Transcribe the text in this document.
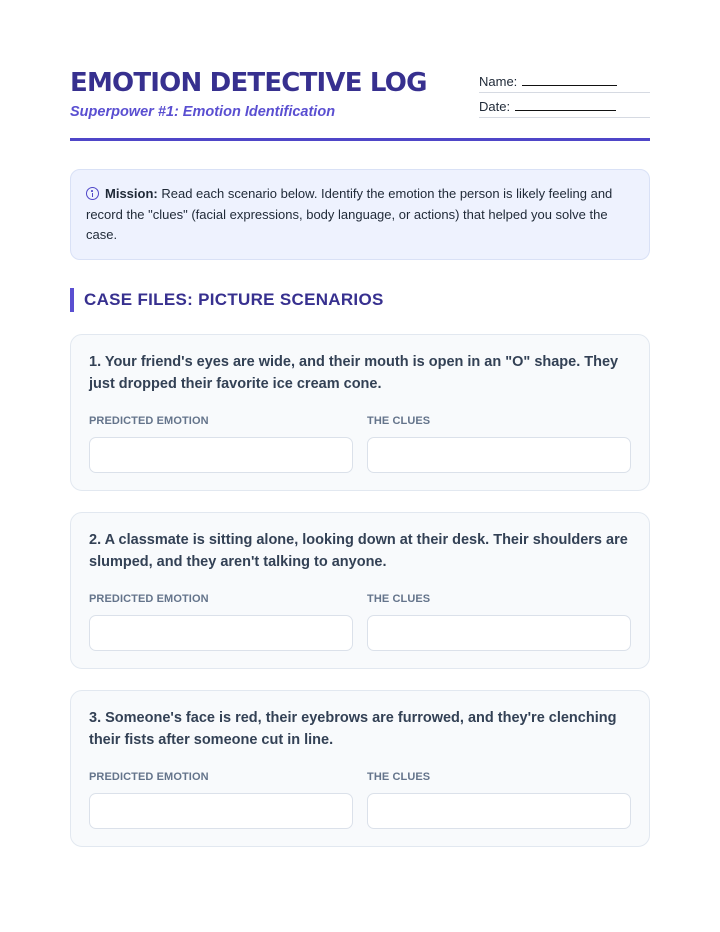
EMOTION DETECTIVE LOG
Superpower #1: Emotion Identification
Name:
Date:
Mission: Read each scenario below. Identify the emotion the person is likely feeling and record the "clues" (facial expressions, body language, or actions) that helped you solve the case.
CASE FILES: PICTURE SCENARIOS
1. Your friend's eyes are wide, and their mouth is open in an "O" shape. They just dropped their favorite ice cream cone.
PREDICTED EMOTION	THE CLUES
2. A classmate is sitting alone, looking down at their desk. Their shoulders are slumped, and they aren't talking to anyone.
PREDICTED EMOTION	THE CLUES
3. Someone's face is red, their eyebrows are furrowed, and they're clenching their fists after someone cut in line.
PREDICTED EMOTION	THE CLUES
